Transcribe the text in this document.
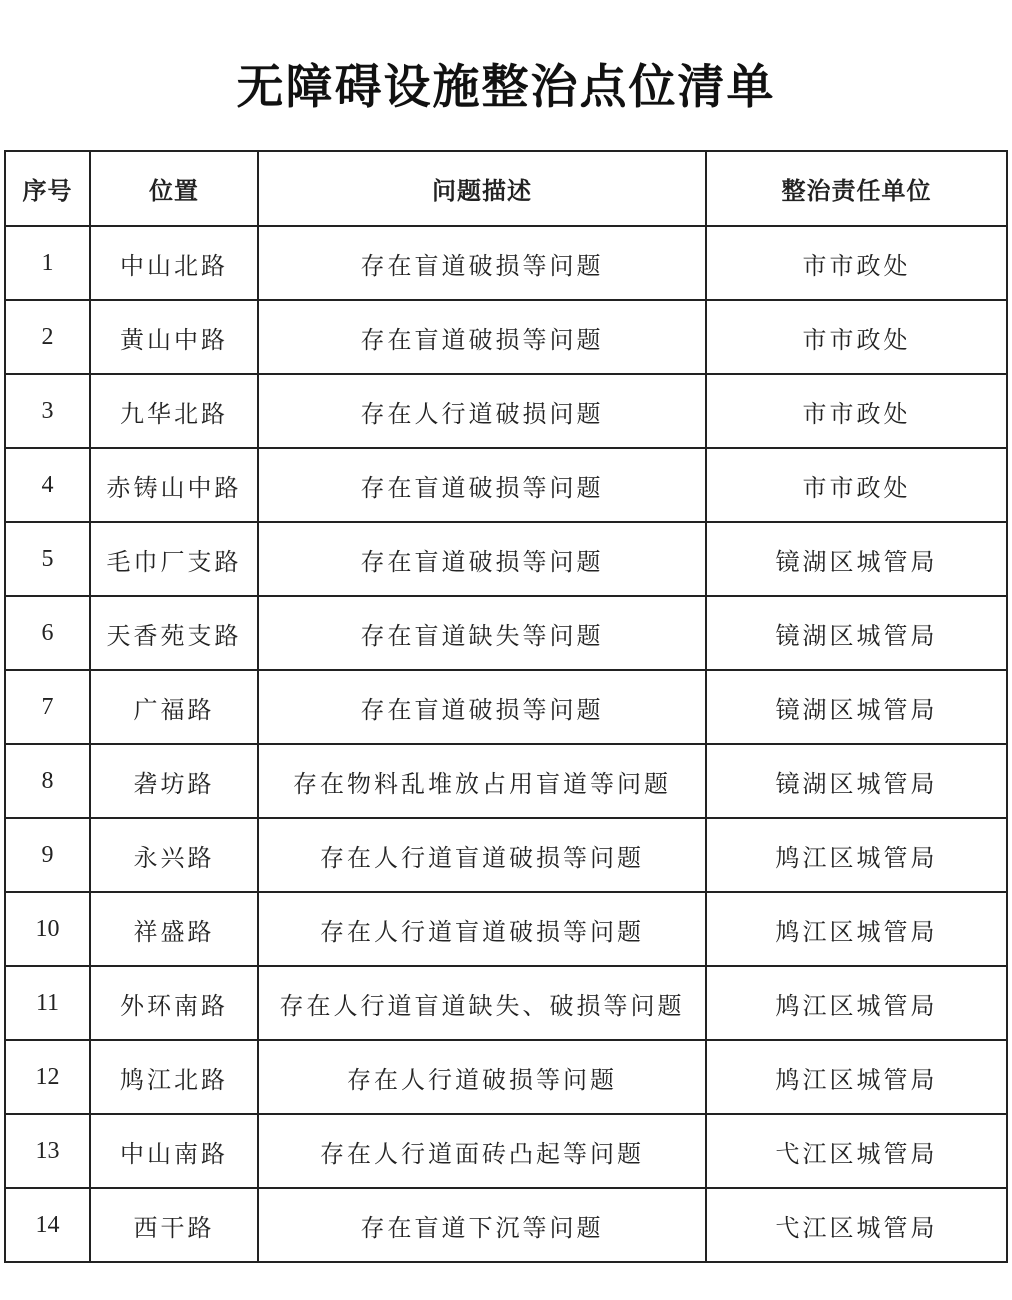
无障碍设施整治点位清单
序号	位置	问题描述	整治责任单位
1	中山北路	存在盲道破损等问题	市市政处
2	黄山中路	存在盲道破损等问题	市市政处
3	九华北路	存在人行道破损问题	市市政处
4	赤铸山中路	存在盲道破损等问题	市市政处
5	毛巾厂支路	存在盲道破损等问题	镜湖区城管局
6	天香苑支路	存在盲道缺失等问题	镜湖区城管局
7	广福路	存在盲道破损等问题	镜湖区城管局
8	砻坊路	存在物料乱堆放占用盲道等问题	镜湖区城管局
9	永兴路	存在人行道盲道破损等问题	鸠江区城管局
10	祥盛路	存在人行道盲道破损等问题	鸠江区城管局
11	外环南路	存在人行道盲道缺失、破损等问题	鸠江区城管局
12	鸠江北路	存在人行道破损等问题	鸠江区城管局
13	中山南路	存在人行道面砖凸起等问题	弋江区城管局
14	西干路	存在盲道下沉等问题	弋江区城管局
